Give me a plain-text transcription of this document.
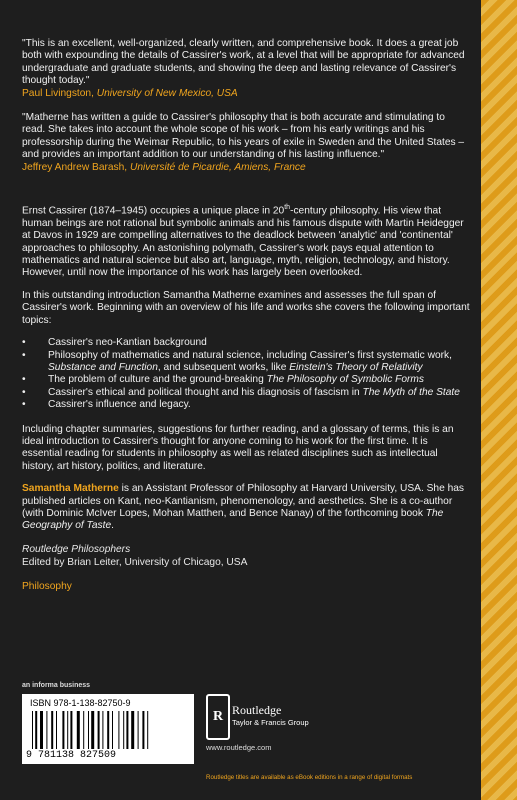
"This is an excellent, well-organized, clearly written, and comprehensive book. It does a great job both with expounding the details of Cassirer's work, at a level that will be appropriate for advanced undergraduate and graduate students, and showing the deep and lasting relevance of Cassirer's thought today."
Paul Livingston, University of New Mexico, USA
"Matherne has written a guide to Cassirer's philosophy that is both accurate and stimulating to read. She takes into account the whole scope of his work – from his early writings and his professorship during the Weimar Republic, to his years of exile in Sweden and the United States – and provides an important addition to our understanding of his lasting influence."
Jeffrey Andrew Barash, Université de Picardie, Amiens, France

Ernst Cassirer (1874–1945) occupies a unique place in 20th-century philosophy. His view that human beings are not rational but symbolic animals and his famous dispute with Martin Heidegger at Davos in 1929 are compelling alternatives to the deadlock between 'analytic' and 'continental' approaches to philosophy. An astonishing polymath, Cassirer's work pays equal attention to mathematics and natural science but also art, language, myth, religion, technology, and history. However, until now the importance of his work has largely been overlooked.

In this outstanding introduction Samantha Matherne examines and assesses the full span of Cassirer's work. Beginning with an overview of his life and works she covers the following important topics:

• Cassirer's neo-Kantian background
• Philosophy of mathematics and natural science, including Cassirer's first systematic work, Substance and Function, and subsequent works, like Einstein's Theory of Relativity
• The problem of culture and the ground-breaking The Philosophy of Symbolic Forms
• Cassirer's ethical and political thought and his diagnosis of fascism in The Myth of the State
• Cassirer's influence and legacy.

Including chapter summaries, suggestions for further reading, and a glossary of terms, this is an ideal introduction to Cassirer's thought for anyone coming to his work for the first time. It is essential reading for students in philosophy as well as related disciplines such as intellectual history, art history, politics, and literature.

Samantha Matherne is an Assistant Professor of Philosophy at Harvard University, USA. She has published articles on Kant, neo-Kantianism, phenomenology, and aesthetics. She is a co-author (with Dominic McIver Lopes, Mohan Matthen, and Bence Nanay) of the forthcoming book The Geography of Taste.

Routledge Philosophers
Edited by Brian Leiter, University of Chicago, USA
Philosophy
an informa business
ISBN 978-1-138-82750-9
9 781138 827509
R Routledge
Taylor & Francis Group
www.routledge.com
Routledge titles are available as eBook editions in a range of digital formats
